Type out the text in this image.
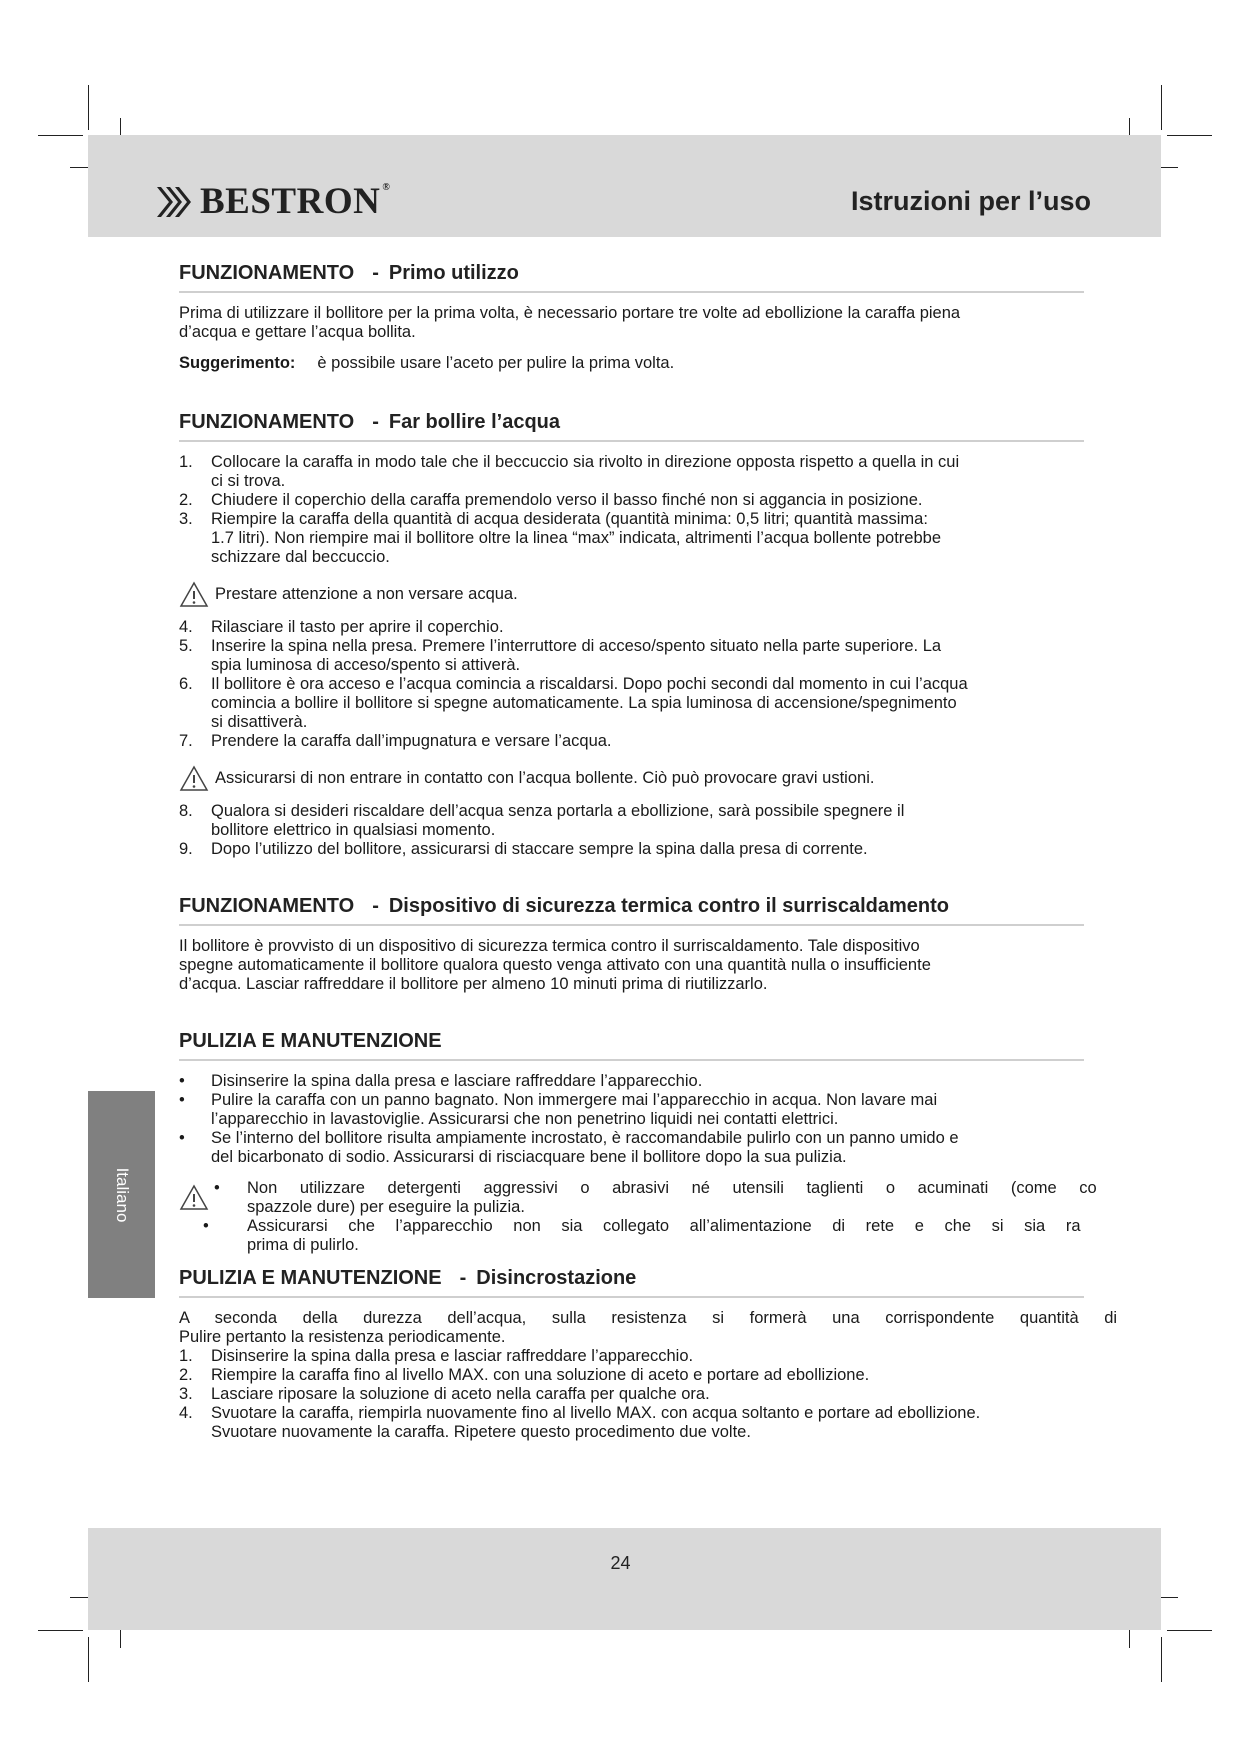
BESTRON ®	Istruzioni per l’uso
Italiano
FUNZIONAMENTO - Primo utilizzo

Prima di utilizzare il bollitore per la prima volta, è necessario portare tre volte ad ebollizione la caraffa piena
d’acqua e gettare l’acqua bollita.

Suggerimento: è possibile usare l’aceto per pulire la prima volta.

FUNZIONAMENTO - Far bollire l’acqua
1. Collocare la caraffa in modo tale che il beccuccio sia rivolto in direzione opposta rispetto a quella in cui
ci si trova.
2. Chiudere il coperchio della caraffa premendolo verso il basso finché non si aggancia in posizione.
3. Riempire la caraffa della quantità di acqua desiderata (quantità minima: 0,5 litri; quantità massima:
1.7 litri). Non riempire mai il bollitore oltre la linea “max” indicata, altrimenti l’acqua bollente potrebbe
schizzare dal beccuccio.
Prestare attenzione a non versare acqua.
4. Rilasciare il tasto per aprire il coperchio.
5. Inserire la spina nella presa. Premere l’interruttore di acceso/spento situato nella parte superiore. La
spia luminosa di acceso/spento si attiverà.
6. Il bollitore è ora acceso e l’acqua comincia a riscaldarsi. Dopo pochi secondi dal momento in cui l’acqua
comincia a bollire il bollitore si spegne automaticamente. La spia luminosa di accensione/spegnimento
si disattiverà.
7. Prendere la caraffa dall’impugnatura e versare l’acqua.
Assicurarsi di non entrare in contatto con l’acqua bollente. Ciò può provocare gravi ustioni.
8. Qualora si desideri riscaldare dell’acqua senza portarla a ebollizione, sarà possibile spegnere il
bollitore elettrico in qualsiasi momento.
9. Dopo l’utilizzo del bollitore, assicurarsi di staccare sempre la spina dalla presa di corrente.
FUNZIONAMENTO - Dispositivo di sicurezza termica contro il surriscaldamento

Il bollitore è provvisto di un dispositivo di sicurezza termica contro il surriscaldamento. Tale dispositivo
spegne automaticamente il bollitore qualora questo venga attivato con una quantità nulla o insufficiente
d’acqua. Lasciar raffreddare il bollitore per almeno 10 minuti prima di riutilizzarlo.

PULIZIA E MANUTENZIONE
• Disinserire la spina dalla presa e lasciare raffreddare l’apparecchio.
• Pulire la caraffa con un panno bagnato. Non immergere mai l’apparecchio in acqua. Non lavare mai
l’apparecchio in lavastoviglie. Assicurarsi che non penetrino liquidi nei contatti elettrici.
• Se l’interno del bollitore risulta ampiamente incrostato, è raccomandabile pulirlo con un panno umido e
del bicarbonato di sodio. Assicurarsi di risciacquare bene il bollitore dopo la sua pulizia.
• Non utilizzare detergenti aggressivi o abrasivi né utensili taglienti o acuminati (come co
spazzole dure) per eseguire la pulizia.
• Assicurarsi che l’apparecchio non sia collegato all’alimentazione di rete e che si sia ra
prima di pulirlo.
PULIZIA E MANUTENZIONE - Disincrostazione

A seconda della durezza dell’acqua, sulla resistenza si formerà una corrispondente quantità di

Pulire pertanto la resistenza periodicamente.

1. Disinserire la spina dalla presa e lasciar raffreddare l’apparecchio.
2. Riempire la caraffa fino al livello MAX. con una soluzione di aceto e portare ad ebollizione.
3. Lasciare riposare la soluzione di aceto nella caraffa per qualche ora.
4. Svuotare la caraffa, riempirla nuovamente fino al livello MAX. con acqua soltanto e portare ad ebollizione.
Svuotare nuovamente la caraffa. Ripetere questo procedimento due volte.
24
